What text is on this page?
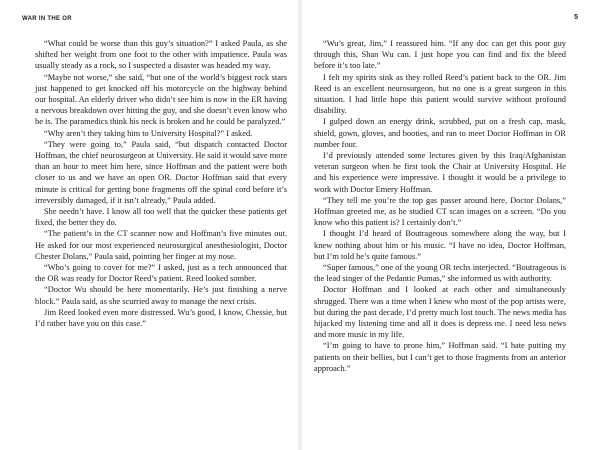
WAR IN THE OR

“What could be worse than this guy’s situation?” I asked Paula, as she shifted her weight from one foot to the other with impatience. Paula was usually steady as a rock, so I suspected a disaster was headed my way.

“Maybe not worse,” she said, “but one of the world’s biggest rock stars just happened to get knocked off his motorcycle on the highway behind our hospital. An elderly driver who didn’t see him is now in the ER having a nervous breakdown over hitting the guy, and she doesn’t even know who he is. The paramedics think his neck is broken and he could be paralyzed.”

“Why aren’t they taking him to University Hospital?” I asked.

“They were going to,” Paula said, “but dispatch contacted Doctor Hoffman, the chief neurosurgeon at University. He said it would save more than an hour to meet him here, since Hoffman and the patient were both closer to us and we have an open OR. Doctor Hoffman said that every minute is critical for getting bone fragments off the spinal cord before it’s irreversibly damaged, if it isn’t already,” Paula added.

She needn’t have. I know all too well that the quicker these patients get fixed, the better they do.

“The patient’s in the CT scanner now and Hoffman’s five minutes out. He asked for our most experienced neurosurgical anesthesiologist, Doctor Chester Dolans,” Paula said, pointing her finger at my nose.

“Who’s going to cover for me?” I asked, just as a tech announced that the OR was ready for Doctor Reed’s patient. Reed looked somber.

“Doctor Wu should be here momentarily. He’s just finishing a nerve block.” Paula said, as she scurried away to manage the next crisis.

Jim Reed looked even more distressed. Wu’s good, I know, Chessie, but I’d rather have you on this case.”

5

“Wu’s great, Jim,” I reassured him. “If any doc can get this poor guy through this, Shan Wu can. I just hope you can find and fix the bleed before it’s too late.”

I felt my spirits sink as they rolled Reed’s patient back to the OR. Jim Reed is an excellent neurosurgeon, but no one is a great surgeon in this situation. I had little hope this patient would survive without profound disability.

I gulped down an energy drink, scrubbed, put on a fresh cap, mask, shield, gown, gloves, and booties, and ran to meet Doctor Hoffman in OR number four.

I’d previously attended some lectures given by this Iraq/Afghanistan veteran surgeon when he first took the Chair at University Hospital. He and his experience were impressive. I thought it would be a privilege to work with Doctor Emery Hoffman.

“They tell me you’re the top gas passer around here, Doctor Dolans,” Hoffman greeted me, as he studied CT scan images on a screen. “Do you know who this patient is? I certainly don’t.”

I thought I’d heard of Boutrageous somewhere along the way, but I knew nothing about him or his music. “I have no idea, Doctor Hoffman, but I’m told he’s quite famous.”

“Super famous,” one of the young OR techs interjected. “Boutrageous is the lead singer of the Pedantic Pumas,” she informed us with authority.

Doctor Hoffman and I looked at each other and simultaneously shrugged. There was a time when I knew who most of the pop artists were, but during the past decade, I’d pretty much lost touch. The news media has hijacked my listening time and all it does is depress me. I need less news and more music in my life.

“I’m going to have to prone him,” Hoffman said. “I hate putting my patients on their bellies, but I can’t get to those fragments from an anterior approach.”
